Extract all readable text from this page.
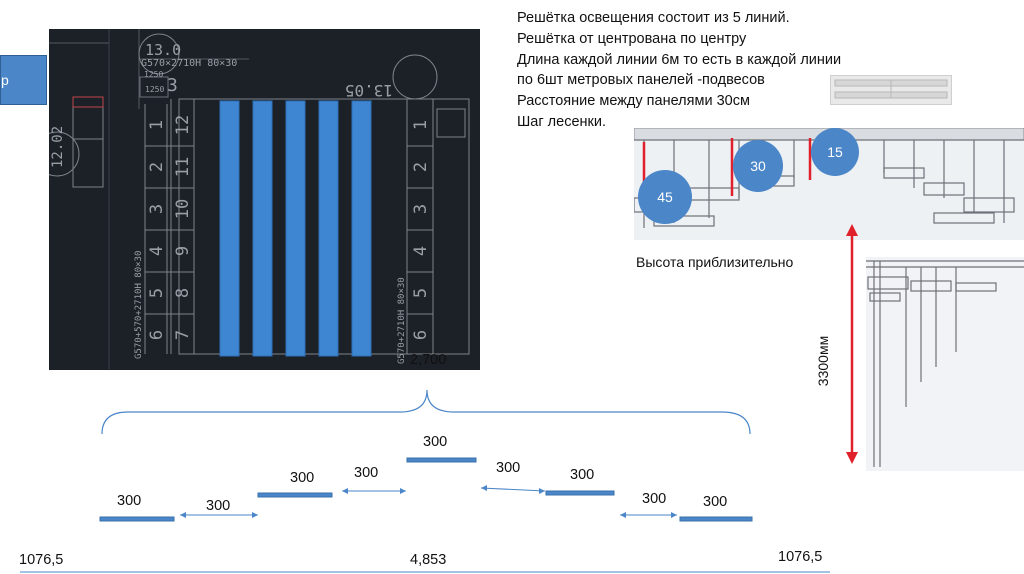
p
G570×2710H 80×30
1250
1250
13.0
3	13.05
12.02
G570+570+2710H 80×30	G570+2710H 80×30
1
2
3
4
5
6
12
11
10
9
8
7
1
2
3
4
5
6
Решётка освещения состоит из 5 линий.
Решётка от центрована по центру
Длина каждой линии 6м то есть в каждой линии
по 6шт метровых панелей -подвесов
Расстояние между панелями 30см
Шаг лесенки.
45
30
15
Высота приблизительно
3300мм
2,700
300
300
300
300
300
300
300	300
300
1076,5	4,853	1076,5
